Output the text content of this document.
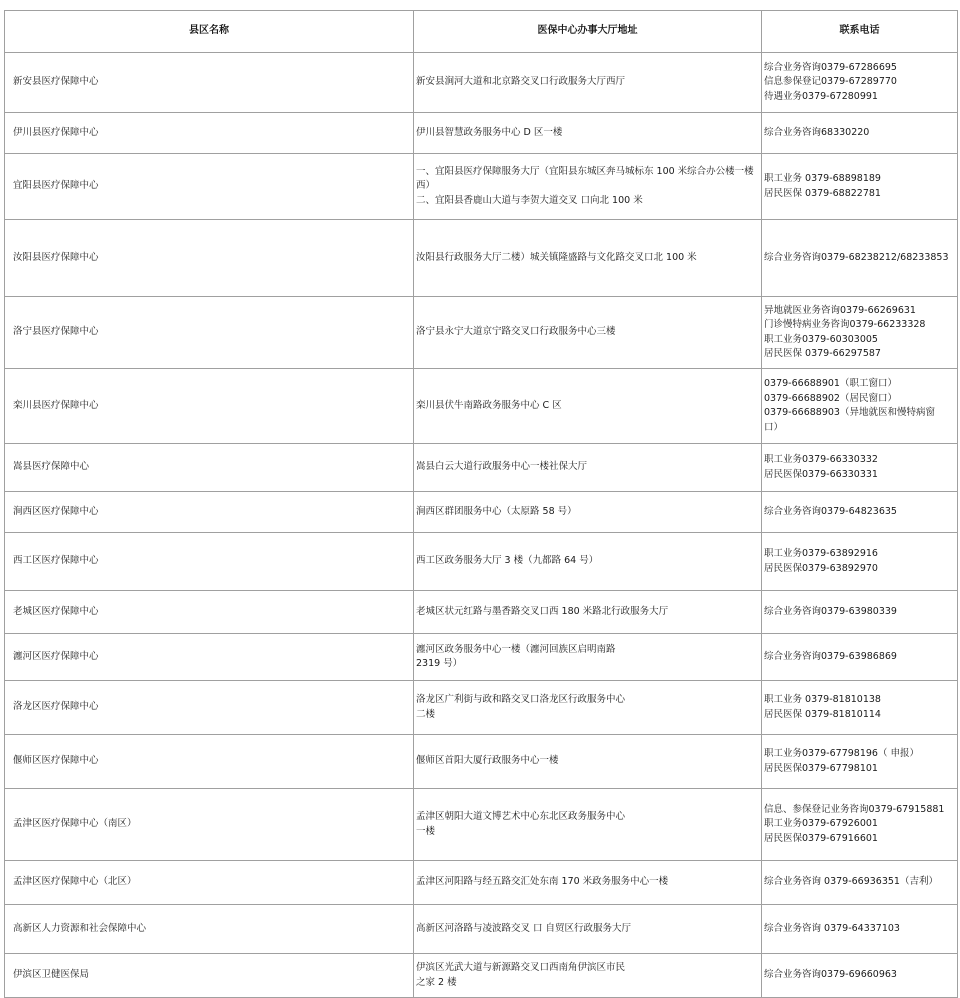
县区名称	医保中心办事大厅地址	联系电话
新安县医疗保障中心	新安县涧河大道和北京路交叉口行政服务大厅西厅	综合业务咨询0379-67286695
信息参保登记0379-67289770
待遇业务0379-67280991

伊川县医疗保障中心	伊川县智慧政务服务中心 D 区一楼	综合业务咨询68330220

宜阳县医疗保障中心	一、宜阳县医疗保障服务大厅（宜阳县东城区奔马城标东 100 米综合办公楼一楼
西）
二、宜阳县香鹿山大道与李贺大道交叉 口向北 100 米	职工业务 0379-68898189
居民医保 0379-68822781

汝阳县医疗保障中心	汝阳县行政服务大厅二楼）城关镇隆盛路与文化路交叉口北 100 米	综合业务咨询0379-68238212/68233853

洛宁县医疗保障中心	洛宁县永宁大道京宁路交叉口行政服务中心三楼	异地就医业务咨询0379-66269631
门诊慢特病业务咨询0379-66233328
职工业务0379-60303005
居民医保 0379-66297587

栾川县医疗保障中心	栾川县伏牛南路政务服务中心 C 区	0379-66688901（职工窗口）
0379-66688902（居民窗口）
0379-66688903（异地就医和慢特病窗
口）

嵩县医疗保障中心	嵩县白云大道行政服务中心一楼社保大厅	职工业务0379-66330332
居民医保0379-66330331

涧西区医疗保障中心	涧西区群团服务中心（太原路 58 号）	综合业务咨询0379-64823635

西工区医疗保障中心	西工区政务服务大厅 3 楼（九都路 64 号）	职工业务0379-63892916
居民医保0379-63892970

老城区医疗保障中心	老城区状元红路与墨香路交叉口西 180 米路北行政服务大厅	综合业务咨询0379-63980339

瀍河区医疗保障中心	瀍河区政务服务中心一楼（瀍河回族区启明南路
2319 号）	综合业务咨询0379-63986869

洛龙区医疗保障中心	洛龙区广利街与政和路交叉口洛龙区行政服务中心
二楼	职工业务 0379-81810138
居民医保 0379-81810114

偃师区医疗保障中心	偃师区首阳大厦行政服务中心一楼	职工业务0379-67798196（ 申报）
居民医保0379-67798101

孟津区医疗保障中心（南区）	孟津区朝阳大道文博艺术中心东北区政务服务中心
一楼	信息、参保登记业务咨询0379-67915881
职工业务0379-67926001
居民医保0379-67916601

孟津区医疗保障中心（北区）	孟津区河阳路与经五路交汇处东南 170 米政务服务中心一楼	综合业务咨询 0379-66936351（吉利）

高新区人力资源和社会保障中心	高新区河洛路与凌波路交叉 口 自贸区行政服务大厅	综合业务咨询 0379-64337103

伊滨区卫健医保局	伊滨区光武大道与新源路交叉口西南角伊滨区市民
之家 2 楼	综合业务咨询0379-69660963
